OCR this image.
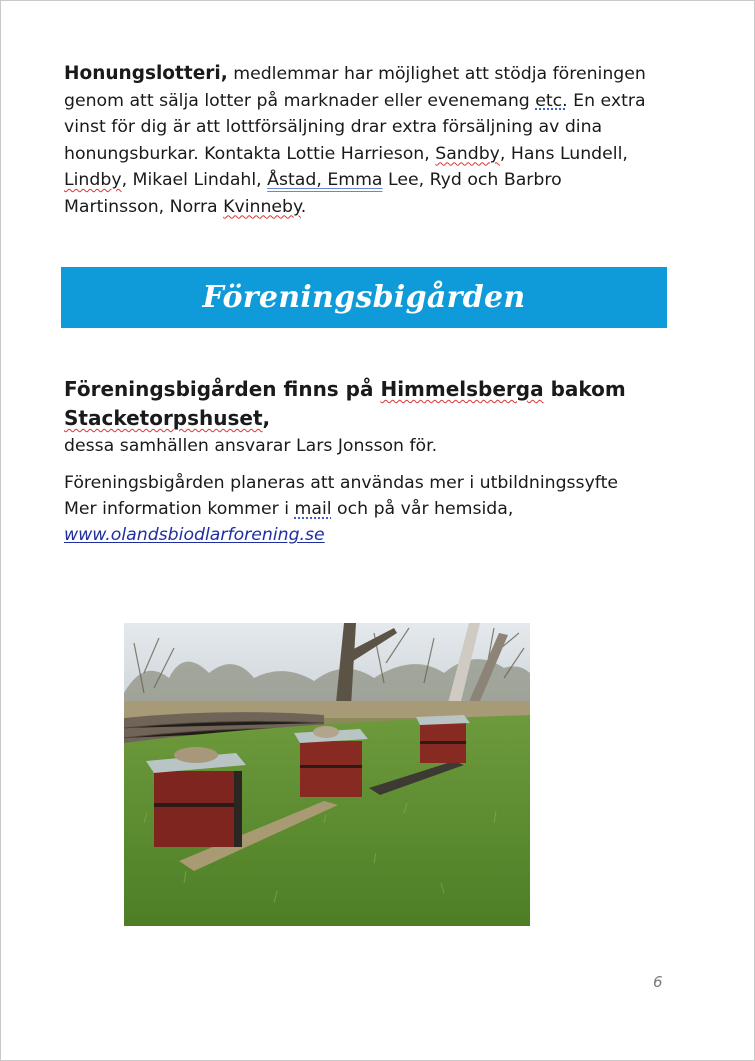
Honungslotteri, medlemmar har möjlighet att stödja föreningen genom att sälja lotter på marknader eller evenemang etc. En extra vinst för dig är att lottförsäljning drar extra försäljning av dina honungsburkar. Kontakta Lottie Harrieson, Sandby, Hans Lundell, Lindby, Mikael Lindahl, Åstad, Emma Lee, Ryd och Barbro Martinsson, Norra Kvinneby.

Föreningsbigården
Föreningsbigården finns på Himmelsberga bakom Stacketorpshuset,
dessa samhällen ansvarar Lars Jonsson för.
Föreningsbigården planeras att användas mer i utbildningssyfte
Mer information kommer i mail och på vår hemsida,
www.olandsbiodlarforening.se
6
